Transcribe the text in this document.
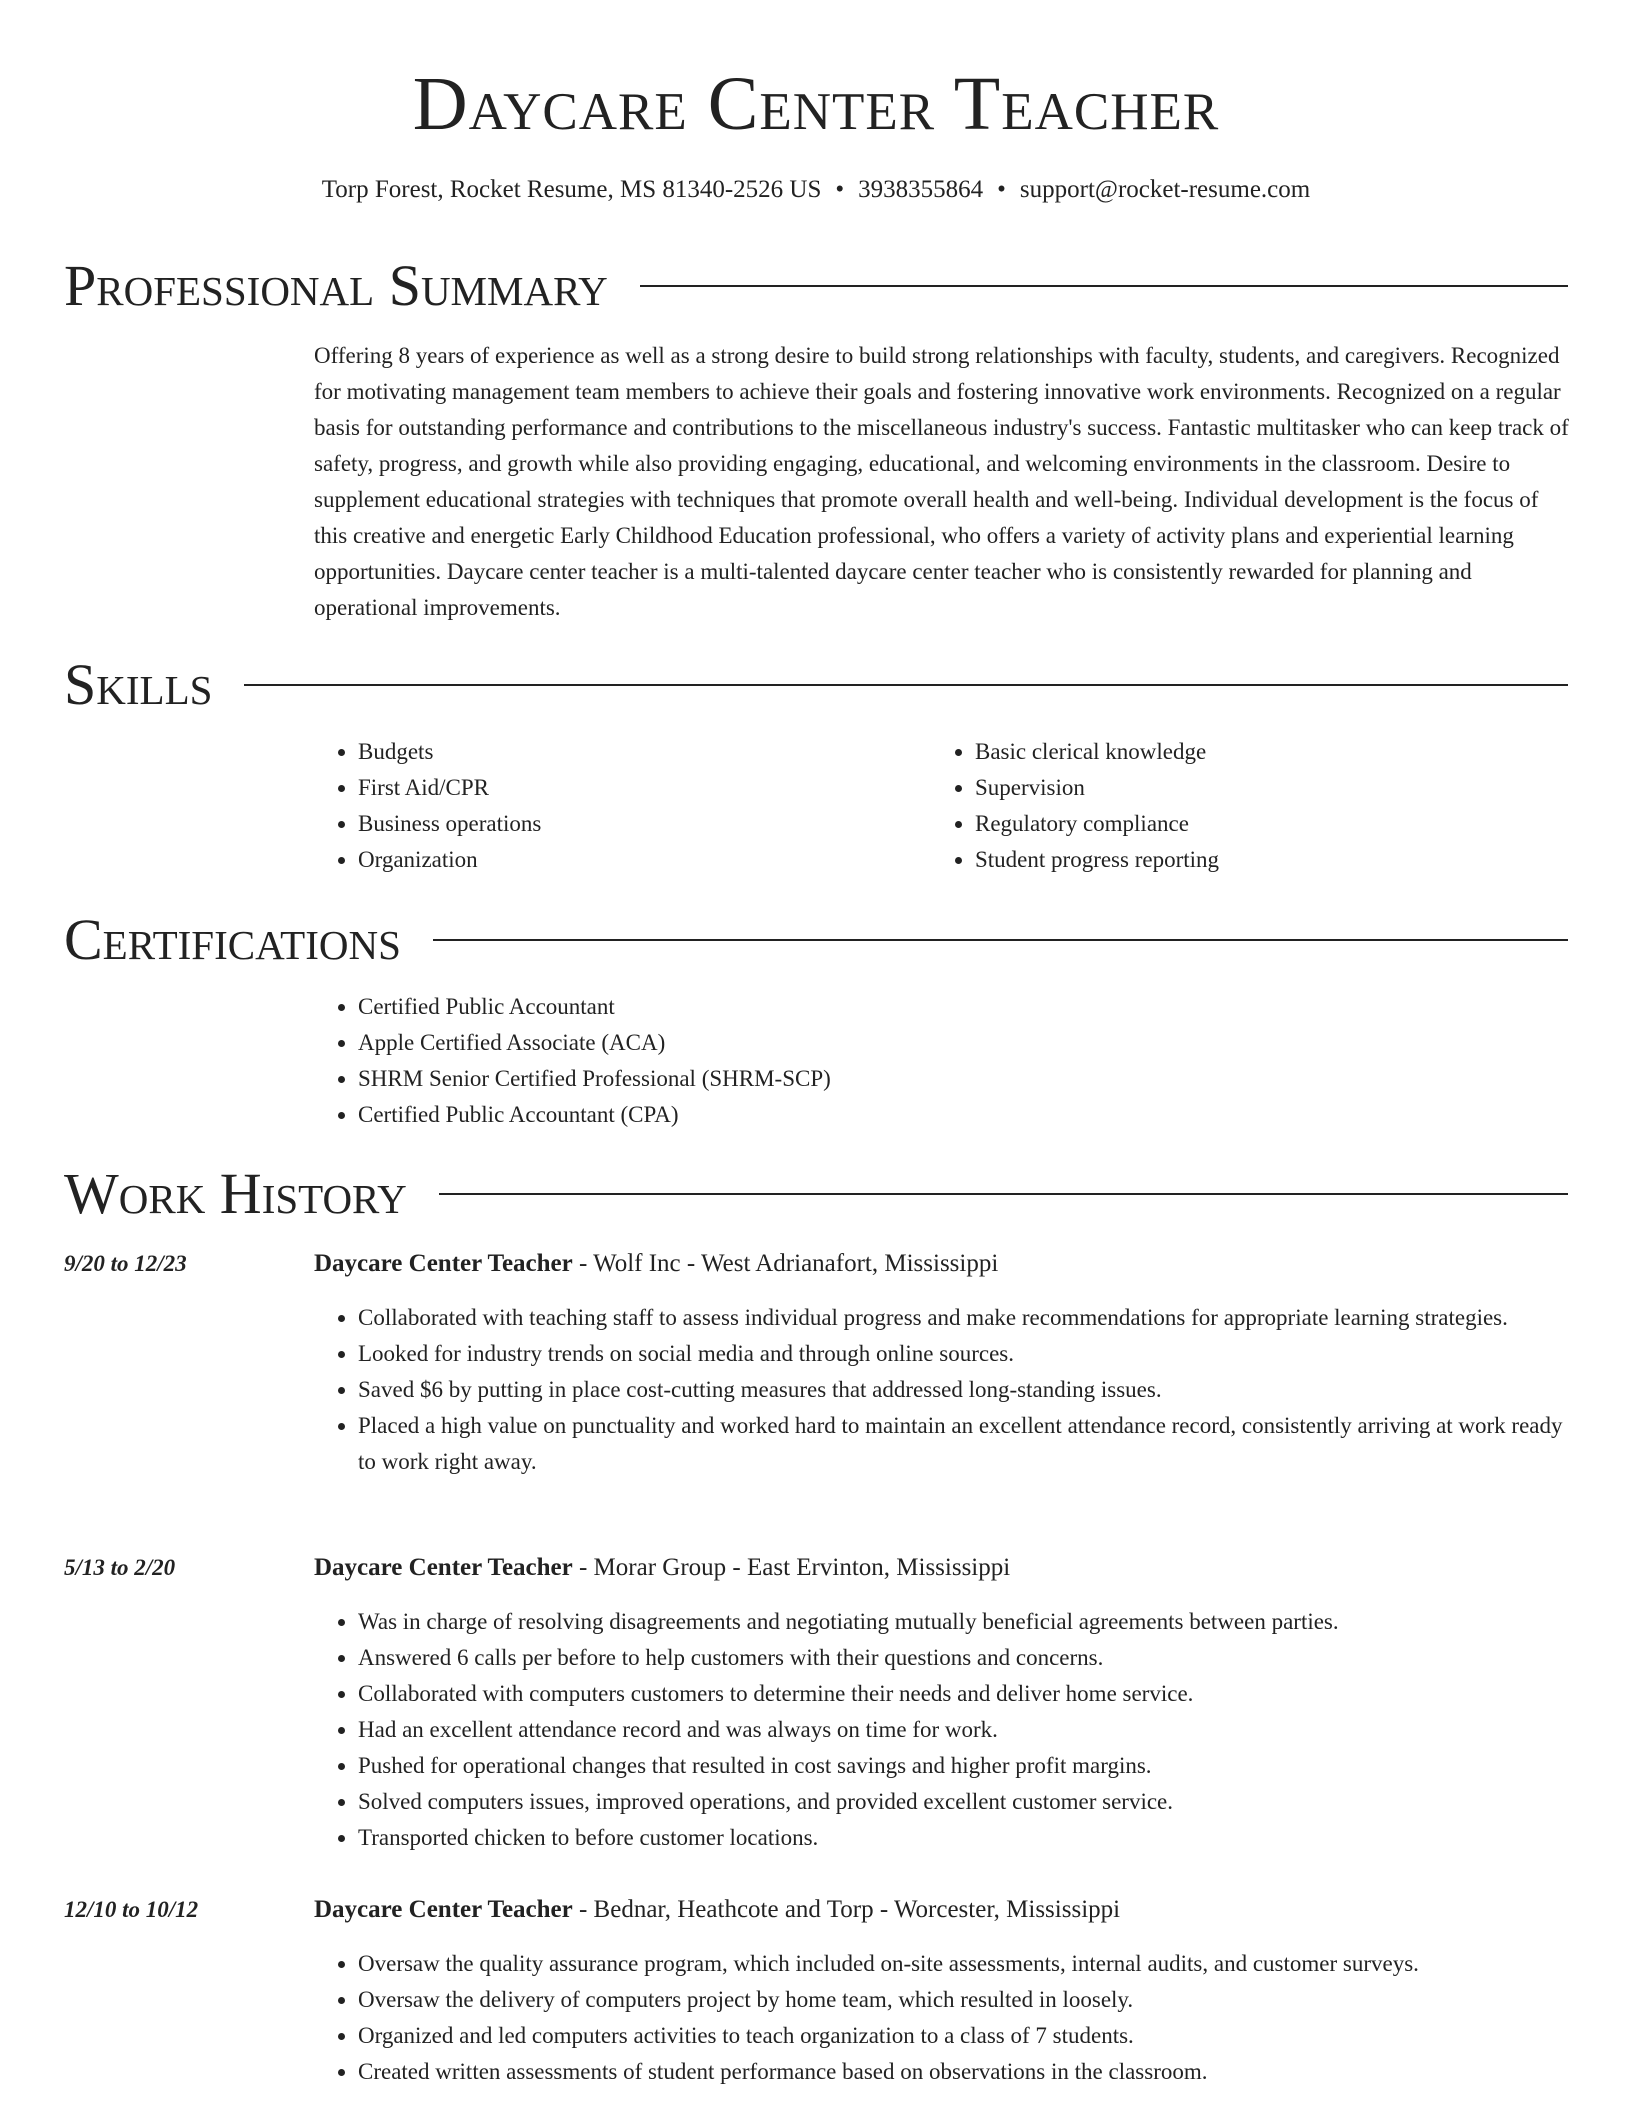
Daycare Center Teacher
Torp Forest, Rocket Resume, MS 81340-2526 US • 3938355864 • support@rocket-resume.com
Professional Summary

Offering 8 years of experience as well as a strong desire to build strong relationships with faculty, students, and caregivers. Recognized for motivating management team members to achieve their goals and fostering innovative work environments. Recognized on a regular basis for outstanding performance and contributions to the miscellaneous industry's success. Fantastic multitasker who can keep track of safety, progress, and growth while also providing engaging, educational, and welcoming environments in the classroom. Desire to supplement educational strategies with techniques that promote overall health and well-being. Individual development is the focus of this creative and energetic Early Childhood Education professional, who offers a variety of activity plans and experiential learning opportunities. Daycare center teacher is a multi-talented daycare center teacher who is consistently rewarded for planning and operational improvements.

Skills
• Budgets
• First Aid/CPR
• Business operations
• Organization
• Basic clerical knowledge
• Supervision
• Regulatory compliance
• Student progress reporting
Certifications
• Certified Public Accountant
• Apple Certified Associate (ACA)
• SHRM Senior Certified Professional (SHRM-SCP)
• Certified Public Accountant (CPA)
Work History
9/20 to 12/23	Daycare Center Teacher - Wolf Inc - West Adrianafort, Mississippi
• Collaborated with teaching staff to assess individual progress and make recommendations for appropriate learning strategies.
• Looked for industry trends on social media and through online sources.
• Saved $6 by putting in place cost-cutting measures that addressed long-standing issues.
• Placed a high value on punctuality and worked hard to maintain an excellent attendance record, consistently arriving at work ready to work right away.
5/13 to 2/20	Daycare Center Teacher - Morar Group - East Ervinton, Mississippi
• Was in charge of resolving disagreements and negotiating mutually beneficial agreements between parties.
• Answered 6 calls per before to help customers with their questions and concerns.
• Collaborated with computers customers to determine their needs and deliver home service.
• Had an excellent attendance record and was always on time for work.
• Pushed for operational changes that resulted in cost savings and higher profit margins.
• Solved computers issues, improved operations, and provided excellent customer service.
• Transported chicken to before customer locations.
12/10 to 10/12	Daycare Center Teacher - Bednar, Heathcote and Torp - Worcester, Mississippi
• Oversaw the quality assurance program, which included on-site assessments, internal audits, and customer surveys.
• Oversaw the delivery of computers project by home team, which resulted in loosely.
• Organized and led computers activities to teach organization to a class of 7 students.
• Created written assessments of student performance based on observations in the classroom.
